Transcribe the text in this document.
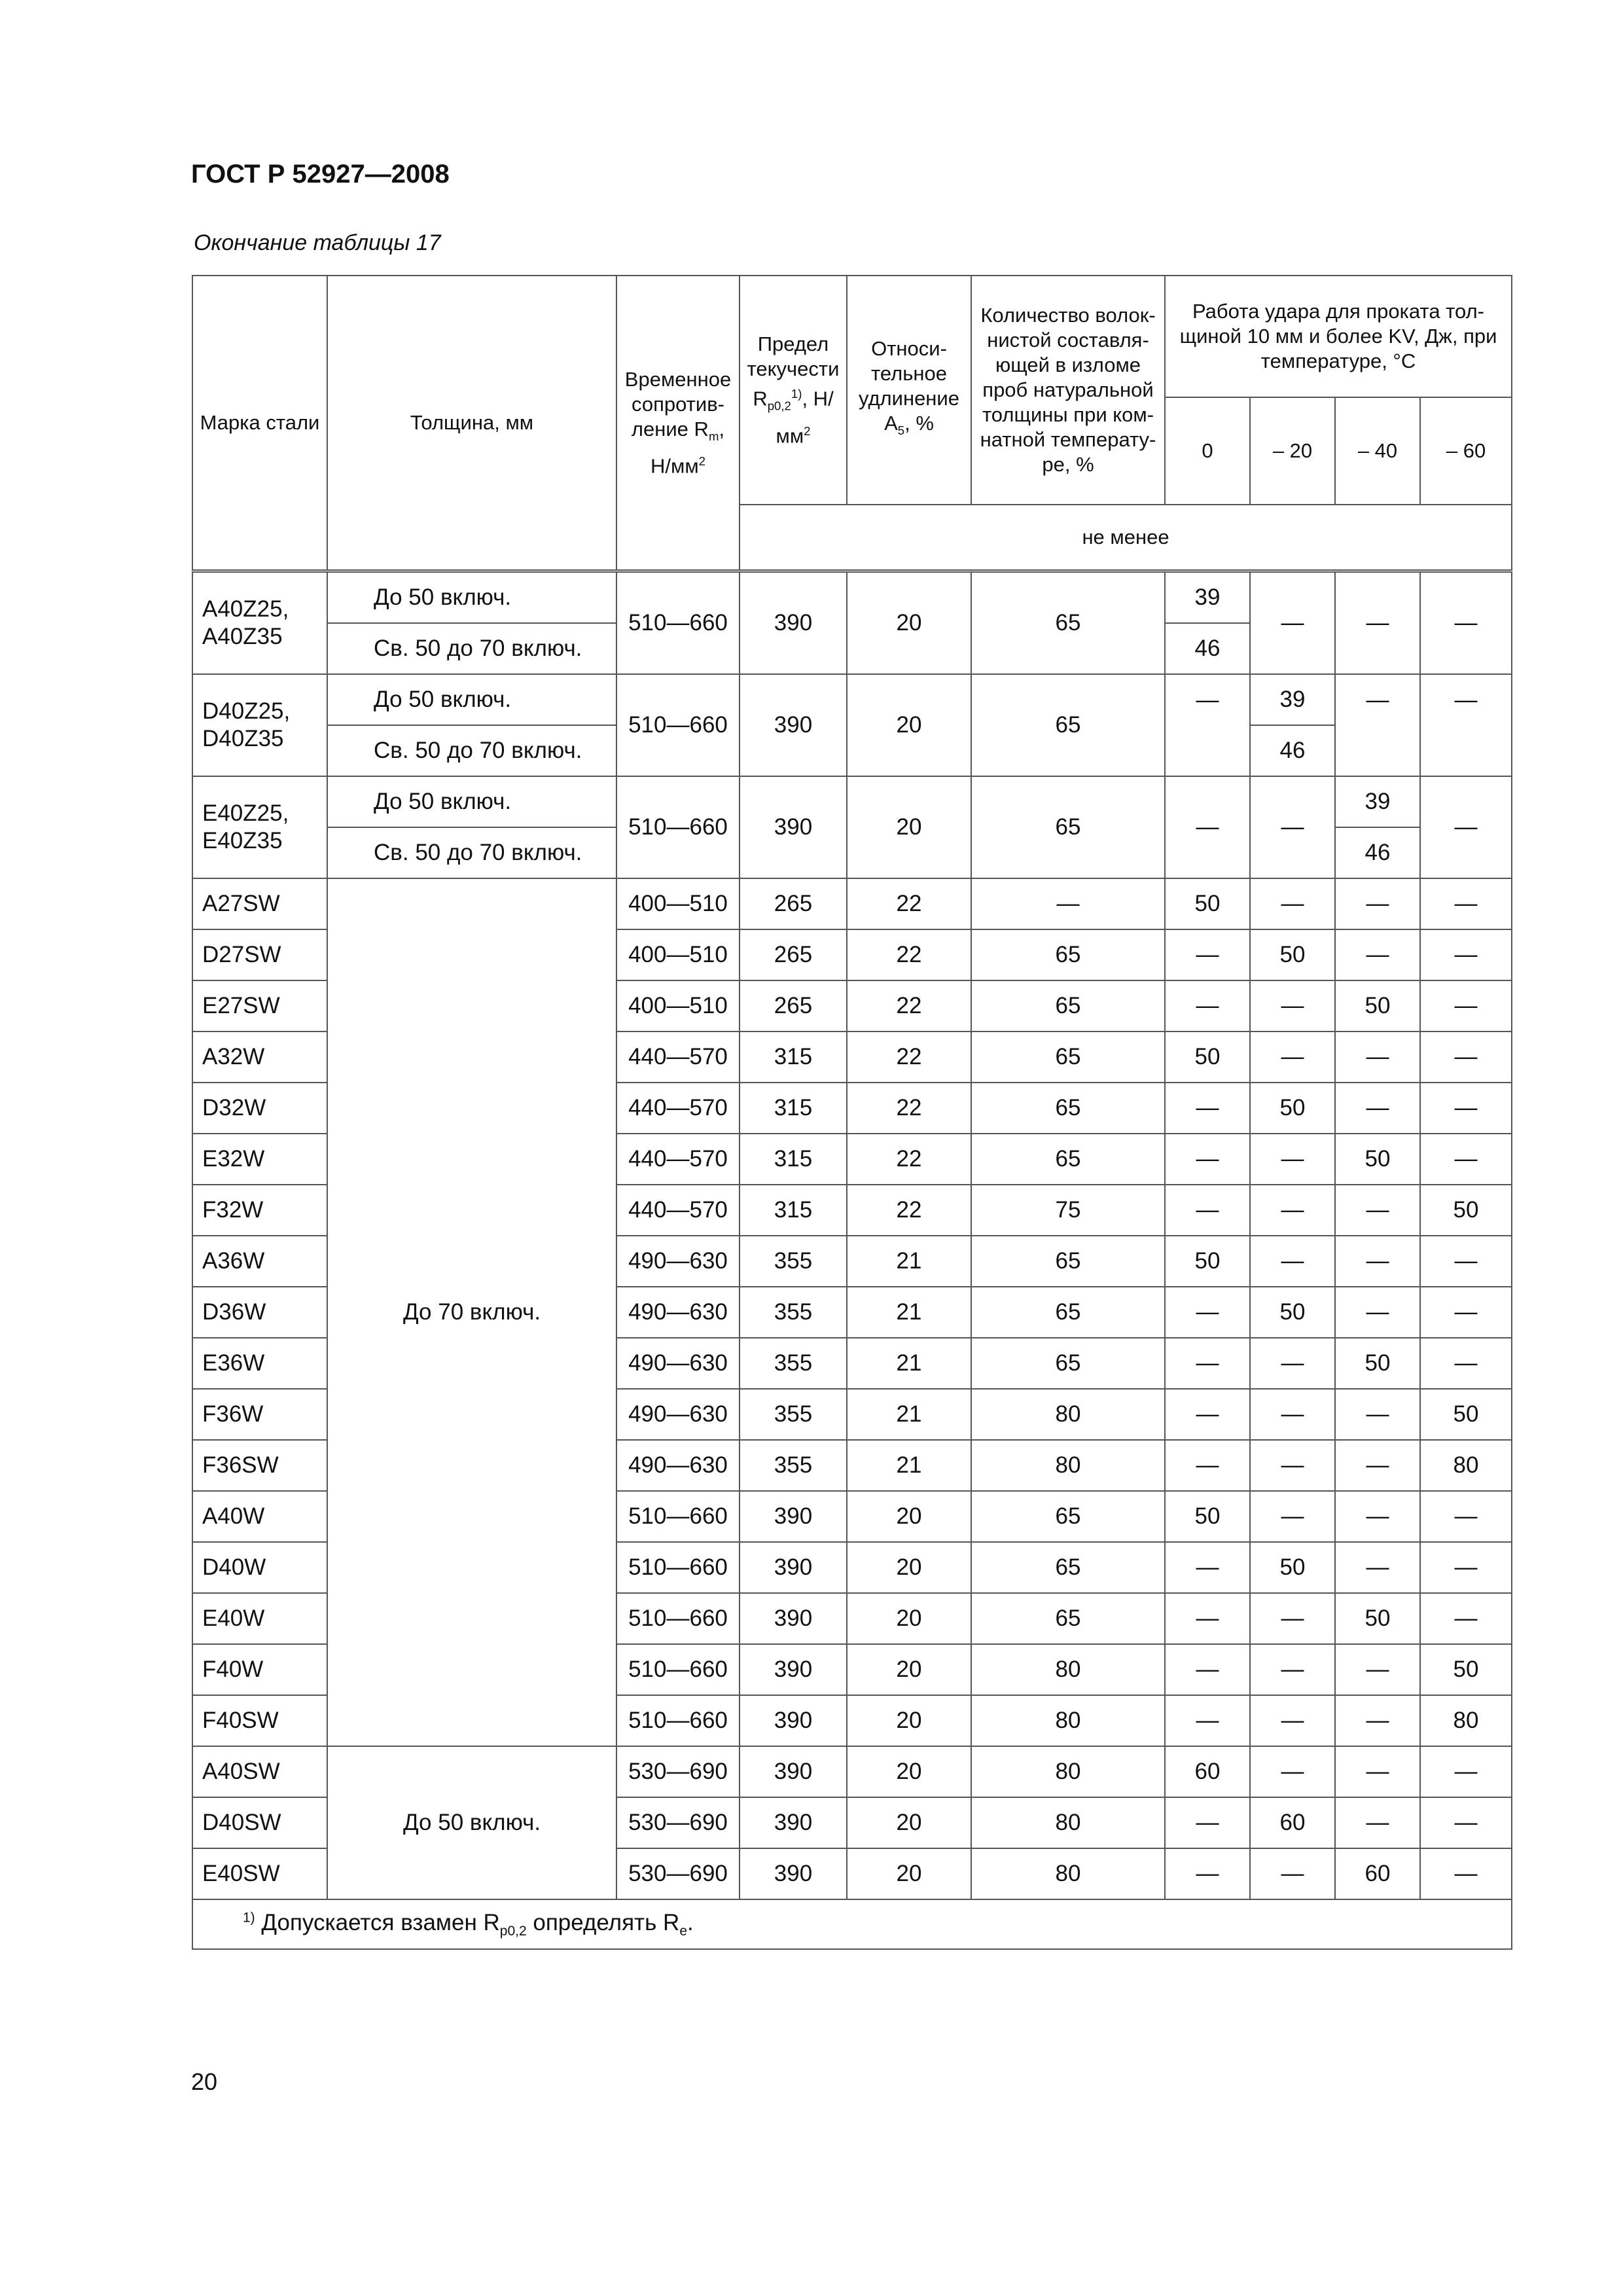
ГОСТ Р 52927—2008
Окончание таблицы 17
Марка стали	Толщина, мм	Временное сопротив- ление $R_m$, $Н/мм^2$	Предел текучести $R_{p0,2}^{1)}$, $Н/мм^2$	Относи- тельное удлинение $A_5$, %	Количество волок- нистой составля- ющей в изломе проб натуральной толщины при ком- натной температу- ре, %	Работа удара для проката тол- щиной 10 мм и более KV, Дж, при температуре, °C			
						0	– 20	– 40	– 60
			не менее						
A40Z25, A40Z35	До 50 включ.	510—660	390	20	65	39	—	—	—
	Св. 50 до 70 включ.					46			
D40Z25, D40Z35	До 50 включ.	510—660	390	20	65	—	39	—	—
	Св. 50 до 70 включ.						46		
E40Z25, E40Z35	До 50 включ.	510—660	390	20	65	—	—	39	—
	Св. 50 до 70 включ.							46	
A27SW	До 70 включ.	400—510	265	22	—	50	—	—	—
D27SW		400—510	265	22	65	—	50	—	—
E27SW		400—510	265	22	65	—	—	50	—
A32W		440—570	315	22	65	50	—	—	—
D32W		440—570	315	22	65	—	50	—	—
E32W		440—570	315	22	65	—	—	50	—
F32W		440—570	315	22	75	—	—	—	50
A36W		490—630	355	21	65	50	—	—	—
D36W		490—630	355	21	65	—	50	—	—
E36W		490—630	355	21	65	—	—	50	—
F36W		490—630	355	21	80	—	—	—	50
F36SW		490—630	355	21	80	—	—	—	80
A40W		510—660	390	20	65	50	—	—	—
D40W		510—660	390	20	65	—	50	—	—
E40W		510—660	390	20	65	—	—	50	—
F40W		510—660	390	20	80	—	—	—	50
F40SW		510—660	390	20	80	—	—	—	80
A40SW	До 50 включ.	530—690	390	20	80	60	—	—	—
D40SW		530—690	390	20	80	—	60	—	—
E40SW		530—690	390	20	80	—	—	60	—
$^{1)}$ Допускается взамен $R_{p0,2}$ определять $R_e$.									
20
